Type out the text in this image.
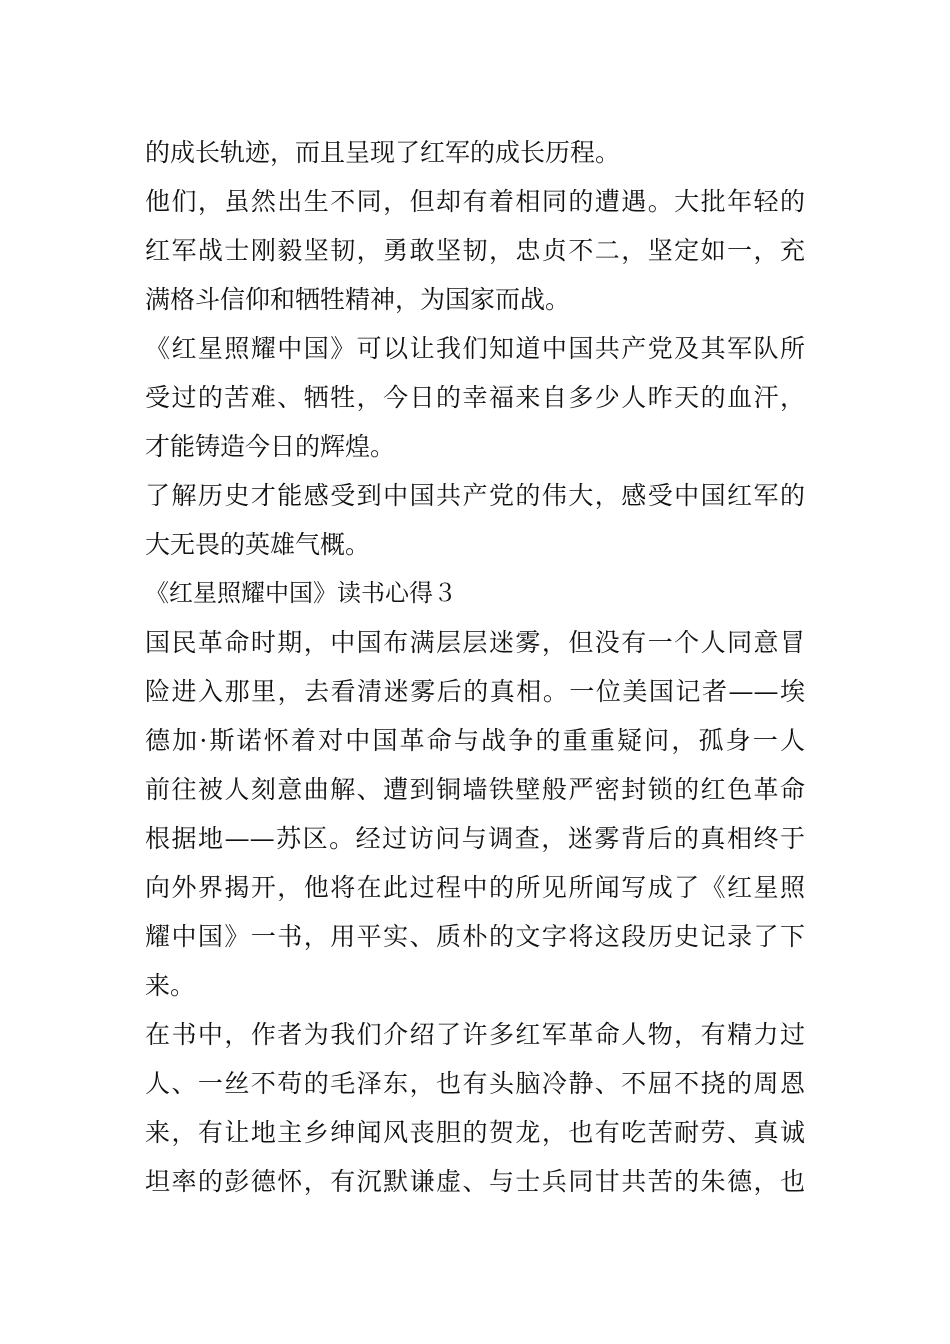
的成长轨迹，而且呈现了红军的成长历程。
他们，虽然出生不同，但却有着相同的遭遇。大批年轻的
红军战士刚毅坚韧，勇敢坚韧，忠贞不二，坚定如一，充
满格斗信仰和牺牲精神，为国家而战。
《红星照耀中国》可以让我们知道中国共产党及其军队所
受过的苦难、牺牲，今日的幸福来自多少人昨天的血汗，
才能铸造今日的辉煌。
了解历史才能感受到中国共产党的伟大，感受中国红军的
大无畏的英雄气概。
《红星照耀中国》读书心得３
国民革命时期，中国布满层层迷雾，但没有一个人同意冒
险进入那里，去看清迷雾后的真相。一位美国记者——埃
德加·斯诺怀着对中国革命与战争的重重疑问，孤身一人
前往被人刻意曲解、遭到铜墙铁壁般严密封锁的红色革命
根据地——苏区。经过访问与调查，迷雾背后的真相终于
向外界揭开，他将在此过程中的所见所闻写成了《红星照
耀中国》一书，用平实、质朴的文字将这段历史记录了下
来。
在书中，作者为我们介绍了许多红军革命人物，有精力过
人、一丝不苟的毛泽东，也有头脑冷静、不屈不挠的周恩
来，有让地主乡绅闻风丧胆的贺龙，也有吃苦耐劳、真诚
坦率的彭德怀，有沉默谦虚、与士兵同甘共苦的朱德，也
